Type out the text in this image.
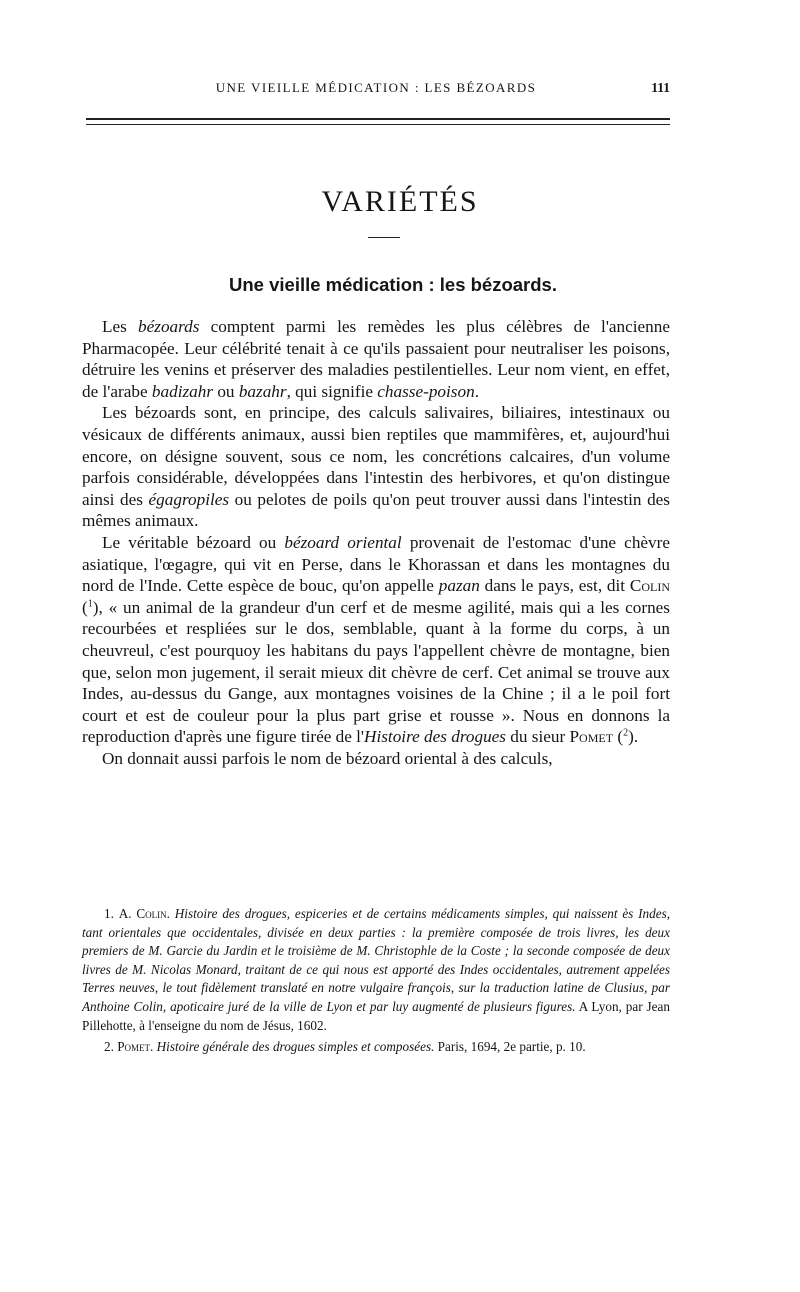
UNE VIEILLE MÉDICATION : LES BÉZOARDS	111
VARIÉTÉS
Une vieille médication : les bézoards.

Les bézoards comptent parmi les remèdes les plus célèbres de l'ancienne Pharmacopée. Leur célébrité tenait à ce qu'ils passaient pour neutraliser les poisons, détruire les venins et préserver des maladies pestilentielles. Leur nom vient, en effet, de l'arabe badizahr ou bazahr, qui signifie chasse-poison.

Les bézoards sont, en principe, des calculs salivaires, biliaires, intestinaux ou vésicaux de différents animaux, aussi bien reptiles que mammifères, et, aujourd'hui encore, on désigne souvent, sous ce nom, les concrétions calcaires, d'un volume parfois considérable, développées dans l'intestin des herbivores, et qu'on distingue ainsi des égagropiles ou pelotes de poils qu'on peut trouver aussi dans l'intestin des mêmes animaux.

Le véritable bézoard ou bézoard oriental provenait de l'estomac d'une chèvre asiatique, l'œgagre, qui vit en Perse, dans le Khorassan et dans les montagnes du nord de l'Inde. Cette espèce de bouc, qu'on appelle pazan dans le pays, est, dit Colin ($^1$), « un animal de la grandeur d'un cerf et de mesme agilité, mais qui a les cornes recourbées et respliées sur le dos, semblable, quant à la forme du corps, à un cheuvreul, c'est pourquoy les habitans du pays l'appellent chèvre de montagne, bien que, selon mon jugement, il serait mieux dit chèvre de cerf. Cet animal se trouve aux Indes, au-dessus du Gange, aux montagnes voisines de la Chine ; il a le poil fort court et est de couleur pour la plus part grise et rousse ». Nous en donnons la reproduction d'après une figure tirée de l'Histoire des drogues du sieur Pomet ($^2$).

On donnait aussi parfois le nom de bézoard oriental à des calculs,

1. A. Colin. Histoire des drogues, espiceries et de certains médicaments simples, qui naissent ès Indes, tant orientales que occidentales, divisée en deux parties : la première composée de trois livres, les deux premiers de M. Garcie du Jardin et le troisième de M. Christophle de la Coste ; la seconde composée de deux livres de M. Nicolas Monard, traitant de ce qui nous est apporté des Indes occidentales, autrement appelées Terres neuves, le tout fidèlement translaté en notre vulgaire françois, sur la traduction latine de Clusius, par Anthoine Colin, apoticaire juré de la ville de Lyon et par luy augmenté de plusieurs figures. A Lyon, par Jean Pillehotte, à l'enseigne du nom de Jésus, 1602.

2. Pomet. Histoire générale des drogues simples et composées. Paris, 1694, 2e partie, p. 10.
